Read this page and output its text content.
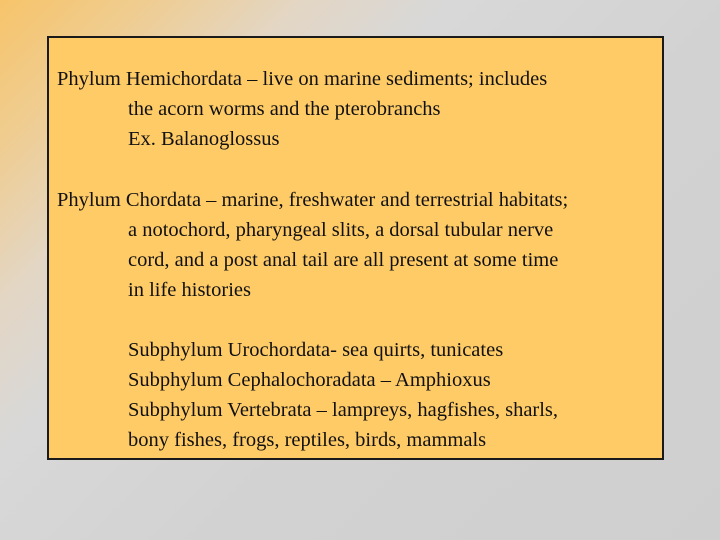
Phylum Hemichordata – live on marine sediments; includes
the acorn worms and the pterobranchs
Ex. Balanoglossus
Phylum Chordata – marine, freshwater and terrestrial habitats;
a notochord, pharyngeal slits, a dorsal tubular nerve
cord, and a post anal tail are all present at some time
in life histories
Subphylum Urochordata- sea quirts, tunicates
Subphylum Cephalochoradata – Amphioxus
Subphylum Vertebrata – lampreys, hagfishes, sharls,
bony fishes, frogs, reptiles, birds, mammals
